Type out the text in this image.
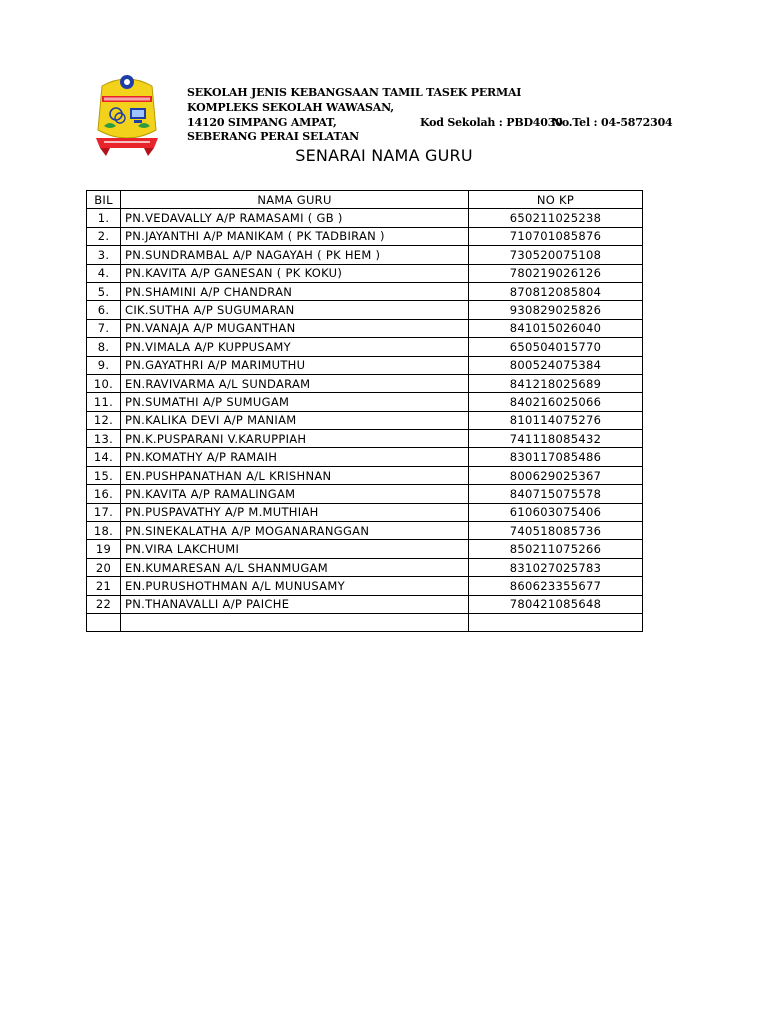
SEKOLAH JENIS KEBANGSAAN TAMIL TASEK PERMAI
KOMPLEKS SEKOLAH WAWASAN,
14120 SIMPANG AMPAT,	Kod Sekolah : PBD4030
No.Tel : 04-5872304
SEBERANG PERAI SELATAN
SENARAI NAMA GURU
BIL	NAMA GURU	NO KP
1.	PN.VEDAVALLY A/P RAMASAMI ( GB )	650211025238
2.	PN.JAYANTHI A/P MANIKAM ( PK TADBIRAN )	710701085876
3.	PN.SUNDRAMBAL A/P NAGAYAH ( PK HEM )	730520075108
4.	PN.KAVITA A/P GANESAN ( PK KOKU)	780219026126
5.	PN.SHAMINI A/P CHANDRAN	870812085804
6.	CIK.SUTHA A/P SUGUMARAN	930829025826
7.	PN.VANAJA A/P MUGANTHAN	841015026040
8.	PN.VIMALA A/P KUPPUSAMY	650504015770
9.	PN.GAYATHRI A/P MARIMUTHU	800524075384
10.	EN.RAVIVARMA A/L SUNDARAM	841218025689
11.	PN.SUMATHI A/P SUMUGAM	840216025066
12.	PN.KALIKA DEVI A/P MANIAM	810114075276
13.	PN.K.PUSPARANI V.KARUPPIAH	741118085432
14.	PN.KOMATHY A/P RAMAIH	830117085486
15.	EN.PUSHPANATHAN A/L KRISHNAN	800629025367
16.	PN.KAVITA A/P RAMALINGAM	840715075578
17.	PN.PUSPAVATHY A/P M.MUTHIAH	610603075406
18.	PN.SINEKALATHA A/P MOGANARANGGAN	740518085736
19	PN.VIRA LAKCHUMI	850211075266
20	EN.KUMARESAN A/L SHANMUGAM	831027025783
21	EN.PURUSHOTHMAN A/L MUNUSAMY	860623355677
22	PN.THANAVALLI A/P PAICHE	780421085648
